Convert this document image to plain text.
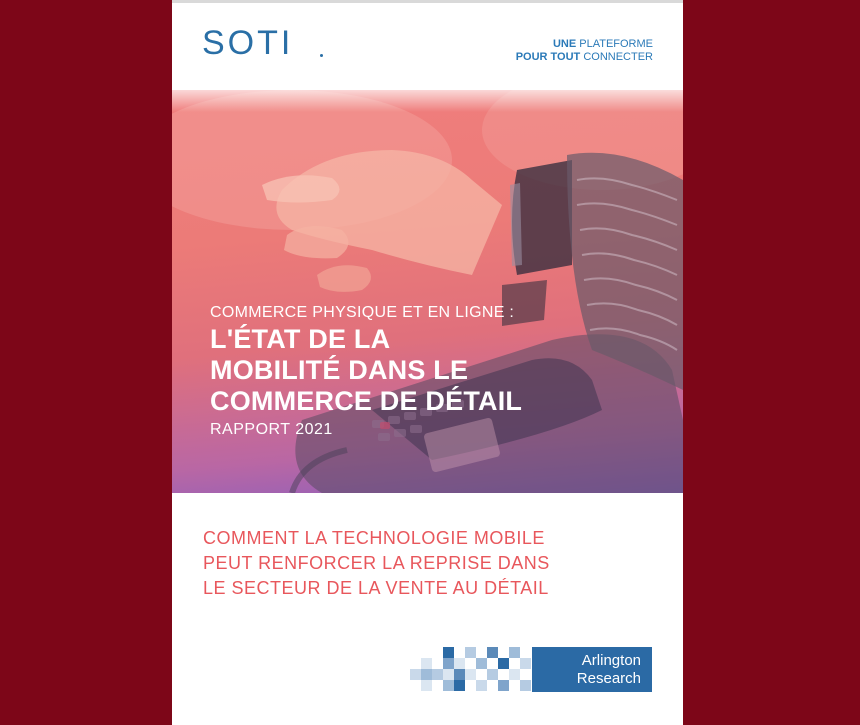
SOTI	UNE PLATEFORME
POUR TOUT CONNECTER
COMMERCE PHYSIQUE ET EN LIGNE :
L'ÉTAT DE LA
MOBILITÉ DANS LE
COMMERCE DE DÉTAIL
RAPPORT 2021
COMMENT LA TECHNOLOGIE MOBILE
PEUT RENFORCER LA REPRISE DANS
LE SECTEUR DE LA VENTE AU DÉTAIL
Arlington
Research
